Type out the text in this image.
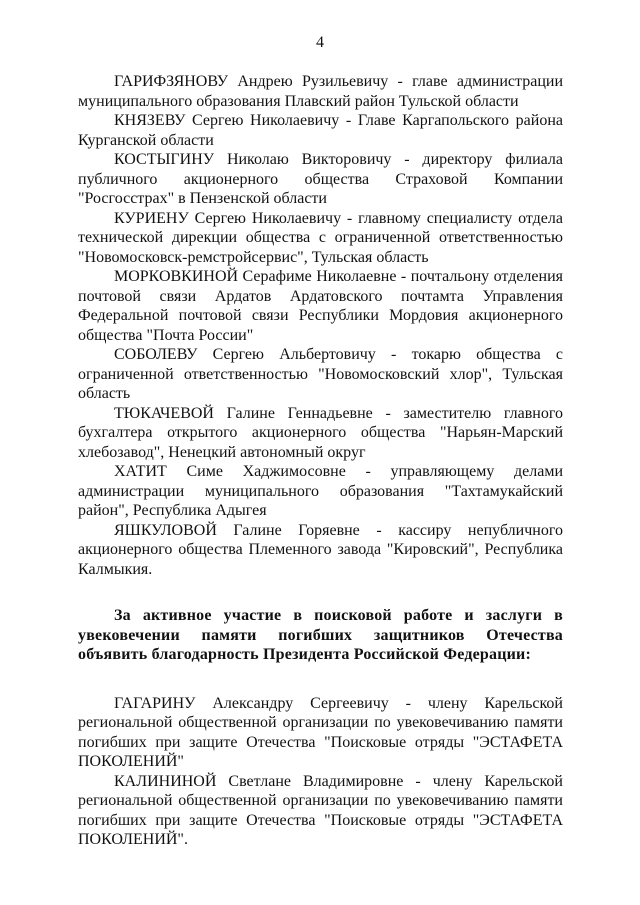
4

ГАРИФЗЯНОВУ Андрею Рузильевичу - главе администрации муниципального образования Плавский район Тульской области

КНЯЗЕВУ Сергею Николаевичу - Главе Каргапольского района Курганской области

КОСТЫГИНУ Николаю Викторовичу - директору филиала публичного акционерного общества Страховой Компании "Росгосстрах" в Пензенской области

КУРИЕНУ Сергею Николаевичу - главному специалисту отдела технической дирекции общества с ограниченной ответственностью "Новомосковск-ремстройсервис", Тульская область

МОРКОВКИНОЙ Серафиме Николаевне - почтальону отделения почтовой связи Ардатов Ардатовского почтамта Управления Федеральной почтовой связи Республики Мордовия акционерного общества "Почта России"

СОБОЛЕВУ Сергею Альбертовичу - токарю общества с ограниченной ответственностью "Новомосковский хлор", Тульская область

ТЮКАЧЕВОЙ Галине Геннадьевне - заместителю главного бухгалтера открытого акционерного общества "Нарьян-Марский хлебозавод", Ненецкий автономный округ

ХАТИТ Симе Хаджимосовне - управляющему делами администрации муниципального образования "Тахтамукайский район", Республика Адыгея

ЯШКУЛОВОЙ Галине Горяевне - кассиру непубличного акционерного общества Племенного завода "Кировский", Республика Калмыкия.

За активное участие в поисковой работе и заслуги в увековечении памяти погибших защитников Отечества объявить благодарность Президента Российской Федерации:

ГАГАРИНУ Александру Сергеевичу - члену Карельской региональной общественной организации по увековечиванию памяти погибших при защите Отечества "Поисковые отряды "ЭСТАФЕТА ПОКОЛЕНИЙ"

КАЛИНИНОЙ Светлане Владимировне - члену Карельской региональной общественной организации по увековечиванию памяти погибших при защите Отечества "Поисковые отряды "ЭСТАФЕТА ПОКОЛЕНИЙ".
